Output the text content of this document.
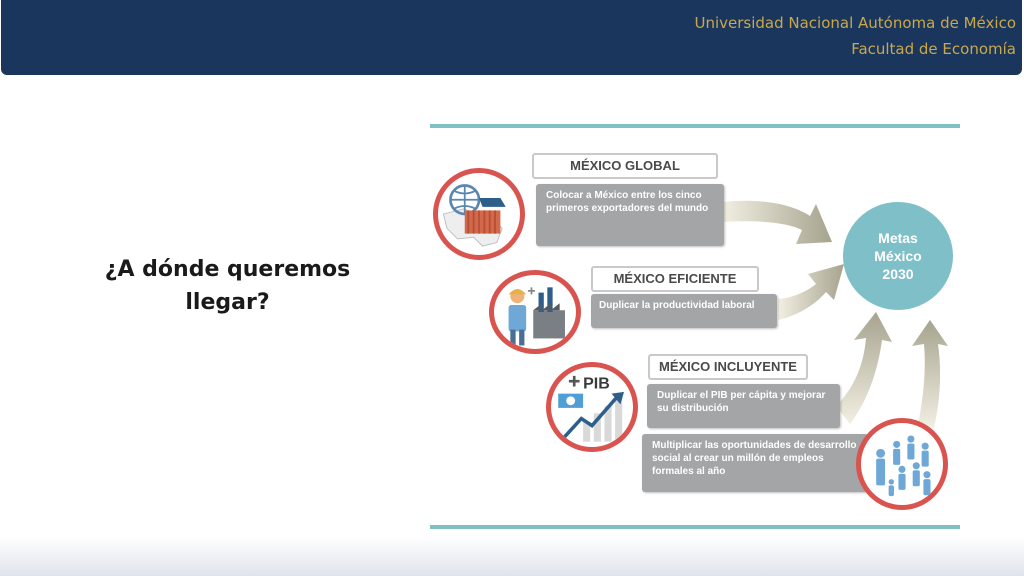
Universidad Nacional Autónoma de México
Facultad de Economía
¿A dónde queremos llegar?
MÉXICO GLOBAL
Colocar a México entre los cinco primeros exportadores del mundo
MÉXICO EFICIENTE
Duplicar la productividad laboral
MÉXICO INCLUYENTE
Duplicar el PIB per cápita y mejorar su distribución
Multiplicar las oportunidades de desarrollo social al crear un millón de empleos formales al año
PIB
Metas
México
2030
